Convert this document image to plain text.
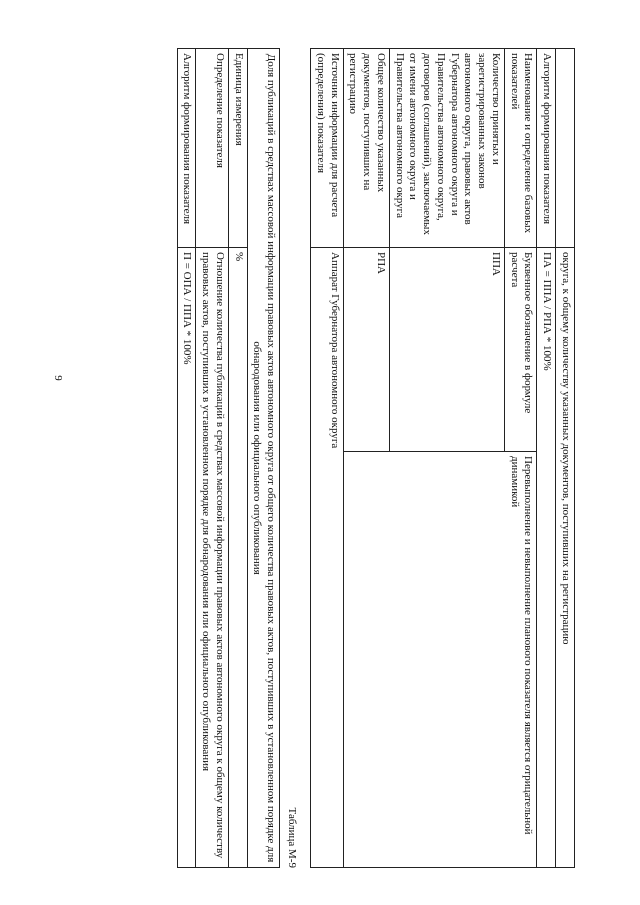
9
		округа, к общему количеству указанных документов, поступивших на регистрацию	
Алгоритм формирования показателя	ПА = ППА / РПА * 100%	
Наименование и определение базовых показателей	Буквенное обозначение в формуле расчета	Перевыполнение и невыполнение планового показателя является отрицательной динамикой
Количество принятых и зарегистрированных законов автономного округа, правовых актов Губернатора автономного округа и Правительства автономного округа, договоров (соглашений), заключаемых от имени автономного округа и Правительства автономного округа	ППА	
Общее количество указанных документов, поступивших на регистрацию	РПА	
Источник информации для расчета (определения) показателя	Аппарат Губернатора автономного округа	
Таблица М-9
Доля публикаций в средствах массовой информации правовых актов автономного округа от общего количества правовых актов, поступивших в установленном порядке для обнародования или официального опубликования	
Единица измерения	%
Определение показателя	Отношение количества публикаций в средствах массовой информации правовых актов автономного округа к общему количеству правовых актов, поступивших в установленном порядке для обнародования или официального опубликования
Алгоритм формирования показателя	П = ОПА / ППА * 100%
